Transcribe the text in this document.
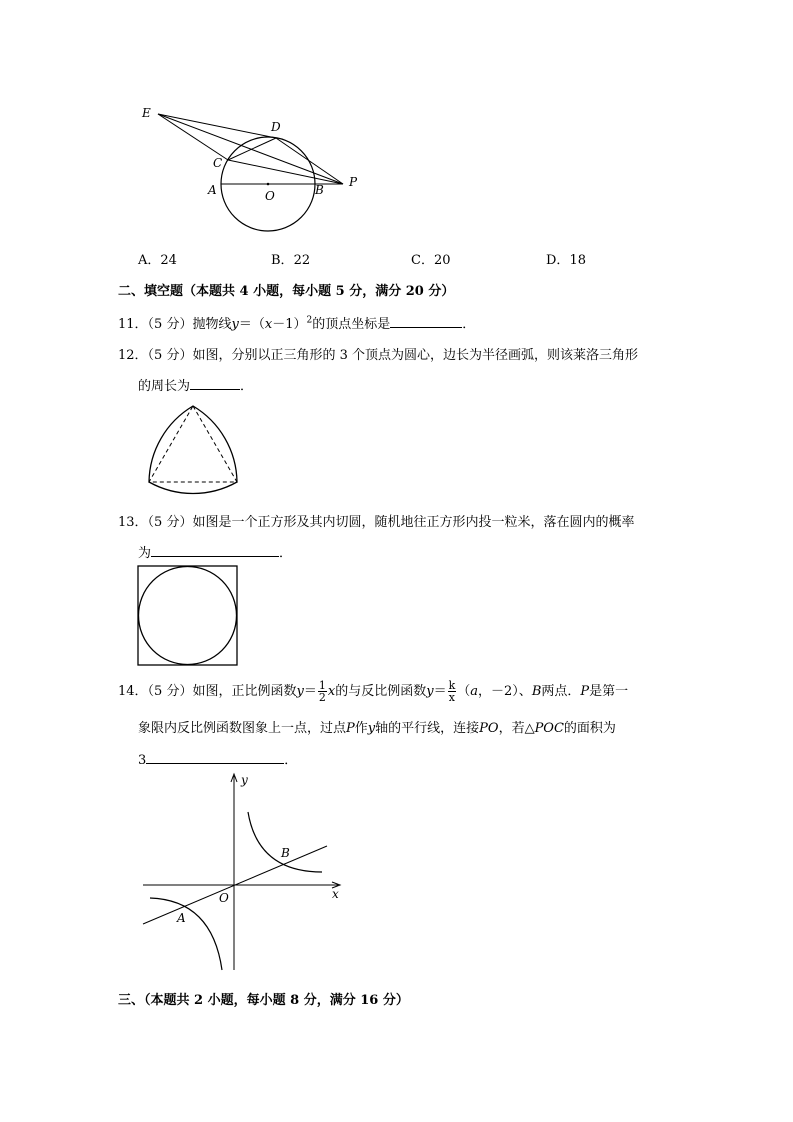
E
D
C
A	O	B
P
A．24	B．22	C．20	D．18
二、填空题（本题共 4 小题，每小题 5 分，满分 20 分）
11．（5 分）抛物线$y=(x-1)^2$的顶点坐标是	．
12．（5 分）如图，分别以正三角形的 3 个顶点为圆心，边长为半径画弧，则该莱洛三角形
的周长为	．
13．（5 分）如图是一个正方形及其内切圆，随机地往正方形内投一粒米，落在圆内的概率
为	．
14．（5 分）如图，正比例函数$y= \frac{1}{2}$ x的与反比例函数$y= \frac{k}{x} (a$，－2）、B两点．P是第一
象限内反比例函数图象上一点，过点P作y轴的平行线，连接PO，若△POC的面积为
3	．
y
x
O
A
B
三、（本题共 2 小题，每小题 8 分，满分 16 分）
